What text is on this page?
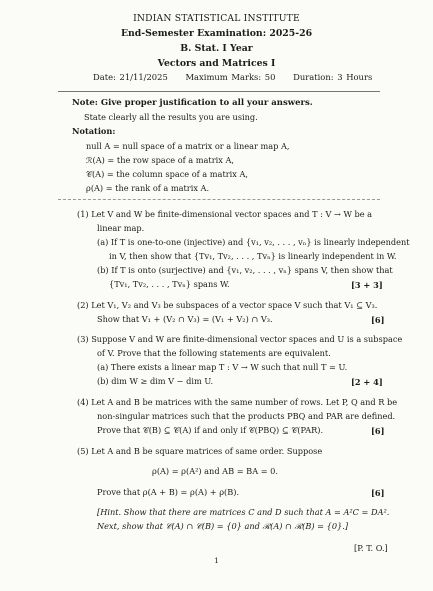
INDIAN STATISTICAL INSTITUTE
End-Semester Examination: 2025-26
B. Stat. I Year
Vectors and Matrices I
Date: 21/11/2025 Maximum Marks: 50 Duration: 3 Hours
Note: Give proper justification to all your answers.
State clearly all the results you are using.
Notation:
null A = null space of a matrix or a linear map A,
ℛ(A) = the row space of a matrix A,
𝒞(A) = the column space of a matrix A,
ρ(A) = the rank of a matrix A.
(1) Let V and W be finite-dimensional vector spaces and T : V → W be a
linear map.
(a) If T is one-to-one (injective) and {v₁, v₂, . . . , vₙ} is linearly independent
in V, then show that {Tv₁, Tv₂, . . . , Tvₙ} is linearly independent in W.
(b) If T is onto (surjective) and {v₁, v₂, . . . , vₙ} spans V, then show that
{Tv₁, Tv₂, . . . , Tvₙ} spans W.	[3 + 3]
(2) Let V₁, V₂ and V₃ be subspaces of a vector space V such that V₁ ⊆ V₃.
Show that V₁ + (V₂ ∩ V₃) = (V₁ + V₂) ∩ V₃.	[6]
(3) Suppose V and W are finite-dimensional vector spaces and U is a subspace
of V. Prove that the following statements are equivalent.
(a) There exists a linear map T : V → W such that null T = U.
(b) dim W ≥ dim V − dim U.	[2 + 4]
(4) Let A and B be matrices with the same number of rows. Let P, Q and R be
non-singular matrices such that the products PBQ and PAR are defined.
Prove that 𝒞(B) ⊆ 𝒞(A) if and only if 𝒞(PBQ) ⊆ 𝒞(PAR).	[6]
(5) Let A and B be square matrices of same order. Suppose
ρ(A) = ρ(A²) and AB = BA = 0.
Prove that ρ(A + B) = ρ(A) + ρ(B).	[6]
[Hint. Show that there are matrices C and D such that A = A²C = DA².
Next, show that 𝒞(A) ∩ 𝒞(B) = {0} and ℛ(A) ∩ ℛ(B) = {0}.]
[P. T. O.]
1
